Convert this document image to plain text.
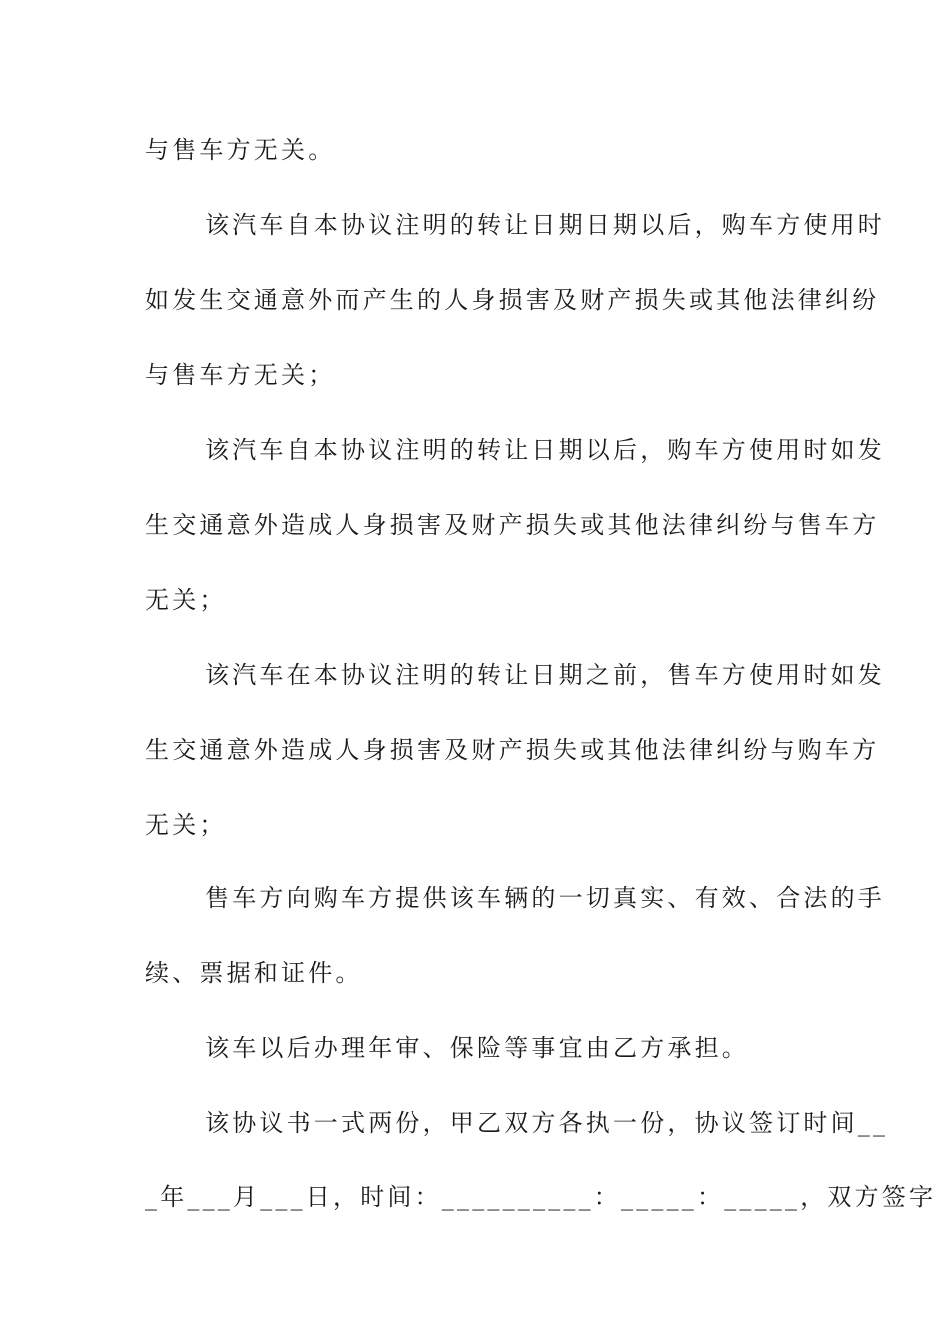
与售车方无关。
该汽车自本协议注明的转让日期日期以后，购车方使用时
如发生交通意外而产生的人身损害及财产损失或其他法律纠纷
与售车方无关；
该汽车自本协议注明的转让日期以后，购车方使用时如发
生交通意外造成人身损害及财产损失或其他法律纠纷与售车方
无关；
该汽车在本协议注明的转让日期之前，售车方使用时如发
生交通意外造成人身损害及财产损失或其他法律纠纷与购车方
无关；
售车方向购车方提供该车辆的一切真实、有效、合法的手
续、票据和证件。
该车以后办理年审、保险等事宜由乙方承担。
该协议书一式两份，甲乙双方各执一份，协议签订时间__
_年___月___日，时间：__________：_____：_____，双方签字
